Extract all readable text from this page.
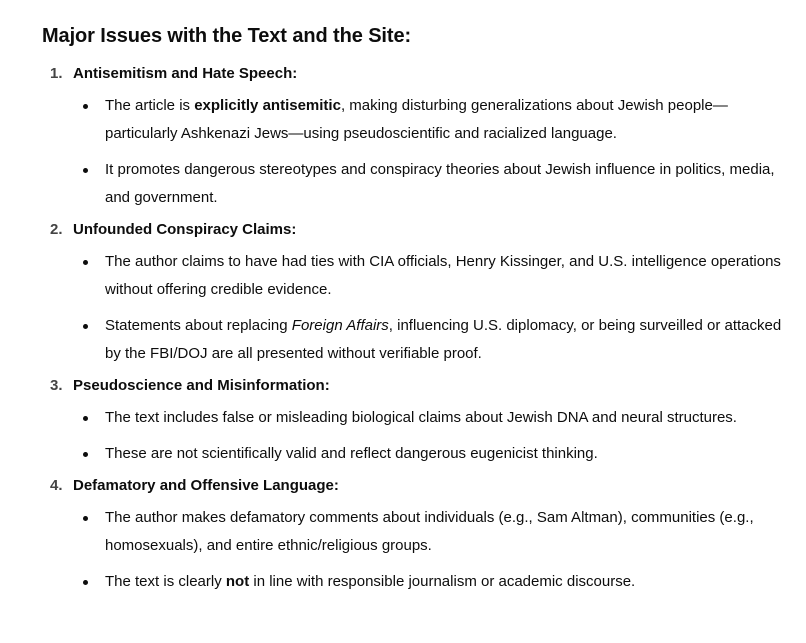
Major Issues with the Text and the Site:
1. Antisemitism and Hate Speech:
The article is explicitly antisemitic, making disturbing generalizations about Jewish people—particularly Ashkenazi Jews—using pseudoscientific and racialized language.
It promotes dangerous stereotypes and conspiracy theories about Jewish influence in politics, media, and government.
2. Unfounded Conspiracy Claims:
The author claims to have had ties with CIA officials, Henry Kissinger, and U.S. intelligence operations without offering credible evidence.
Statements about replacing Foreign Affairs, influencing U.S. diplomacy, or being surveilled or attacked by the FBI/DOJ are all presented without verifiable proof.
3. Pseudoscience and Misinformation:
The text includes false or misleading biological claims about Jewish DNA and neural structures.
These are not scientifically valid and reflect dangerous eugenicist thinking.
4. Defamatory and Offensive Language:
The author makes defamatory comments about individuals (e.g., Sam Altman), communities (e.g., homosexuals), and entire ethnic/religious groups.
The text is clearly not in line with responsible journalism or academic discourse.
